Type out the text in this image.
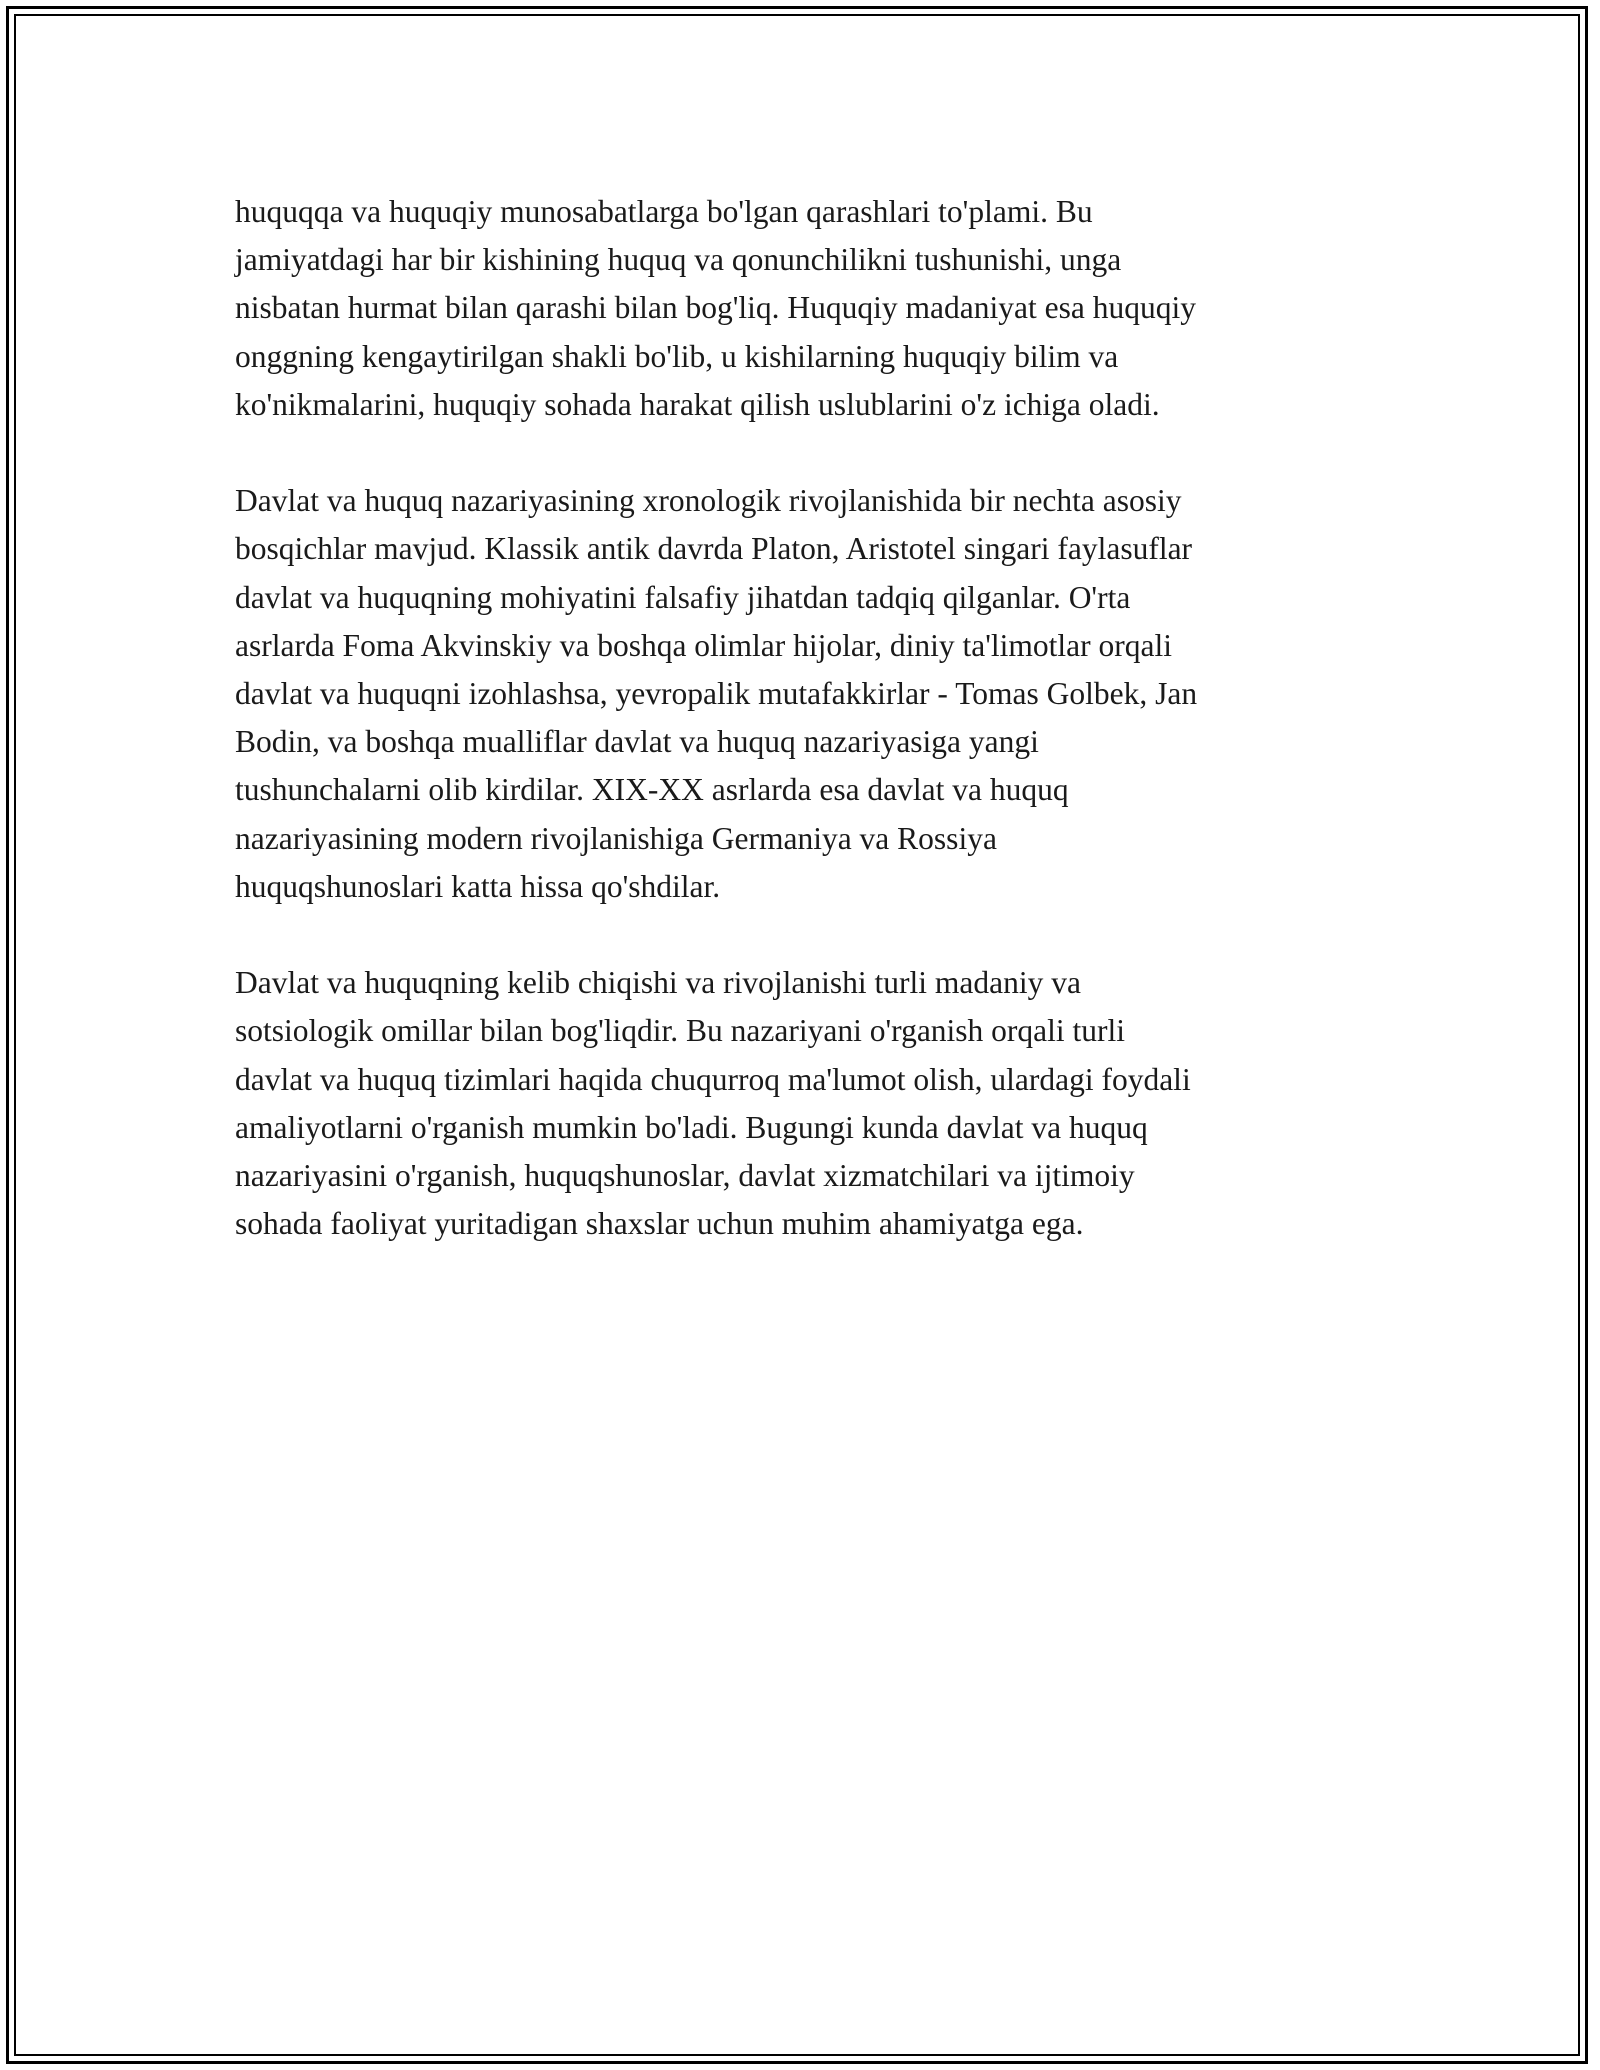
huquqqa va huquqiy munosabatlarga bo'lgan qarashlari to'plami. Bu
jamiyatdagi har bir kishining huquq va qonunchilikni tushunishi, unga
nisbatan hurmat bilan qarashi bilan bog'liq. Huquqiy madaniyat esa huquqiy
onggning kengaytirilgan shakli bo'lib, u kishilarning huquqiy bilim va
ko'nikmalarini, huquqiy sohada harakat qilish uslublarini o'z ichiga oladi.

Davlat va huquq nazariyasining xronologik rivojlanishida bir nechta asosiy
bosqichlar mavjud. Klassik antik davrda Platon, Aristotel singari faylasuflar
davlat va huquqning mohiyatini falsafiy jihatdan tadqiq qilganlar. O'rta
asrlarda Foma Akvinskiy va boshqa olimlar hijolar, diniy ta'limotlar orqali
davlat va huquqni izohlashsa, yevropalik mutafakkirlar - Tomas Golbek, Jan
Bodin, va boshqa mualliflar davlat va huquq nazariyasiga yangi
tushunchalarni olib kirdilar. XIX-XX asrlarda esa davlat va huquq
nazariyasining modern rivojlanishiga Germaniya va Rossiya
huquqshunoslari katta hissa qo'shdilar.

Davlat va huquqning kelib chiqishi va rivojlanishi turli madaniy va
sotsiologik omillar bilan bog'liqdir. Bu nazariyani o'rganish orqali turli
davlat va huquq tizimlari haqida chuqurroq ma'lumot olish, ulardagi foydali
amaliyotlarni o'rganish mumkin bo'ladi. Bugungi kunda davlat va huquq
nazariyasini o'rganish, huquqshunoslar, davlat xizmatchilari va ijtimoiy
sohada faoliyat yuritadigan shaxslar uchun muhim ahamiyatga ega.
